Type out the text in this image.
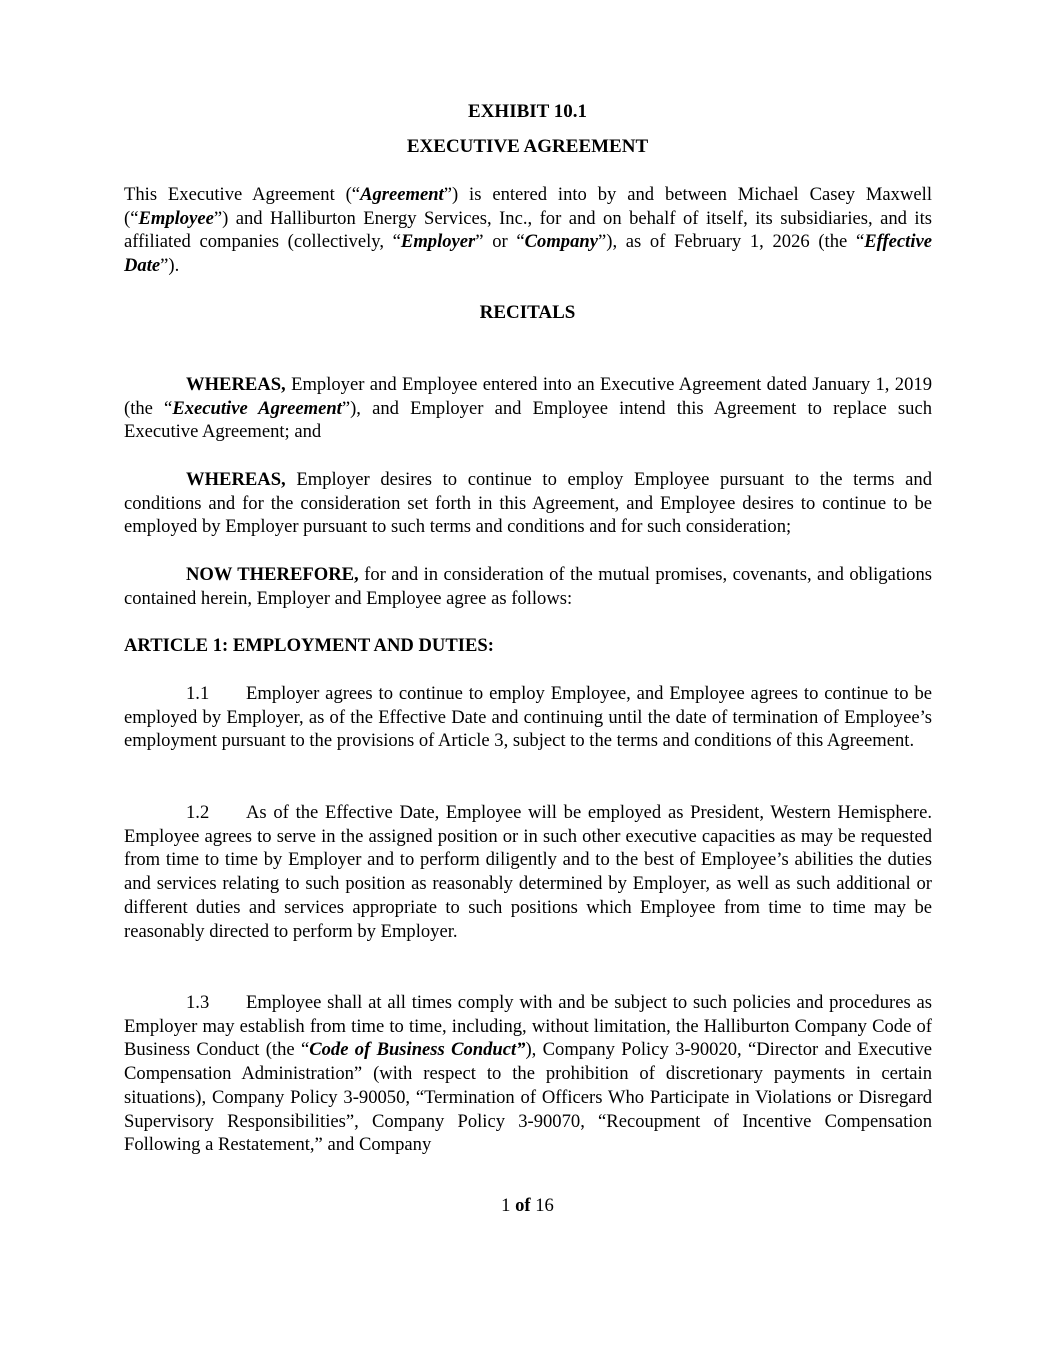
EXHIBIT 10.1
EXECUTIVE AGREEMENT

This Executive Agreement (“Agreement”) is entered into by and between Michael Casey Maxwell (“Employee”) and Halliburton Energy Services, Inc., for and on behalf of itself, its subsidiaries, and its affiliated companies (collectively, “Employer” or “Company”), as of February 1, 2026 (the “Effective Date”).

RECITALS

WHEREAS, Employer and Employee entered into an Executive Agreement dated January 1, 2019 (the “Executive Agreement”), and Employer and Employee intend this Agreement to replace such Executive Agreement; and

WHEREAS, Employer desires to continue to employ Employee pursuant to the terms and conditions and for the consideration set forth in this Agreement, and Employee desires to continue to be employed by Employer pursuant to such terms and conditions and for such consideration;

NOW THEREFORE, for and in consideration of the mutual promises, covenants, and obligations contained herein, Employer and Employee agree as follows:

ARTICLE 1: EMPLOYMENT AND DUTIES:

1.1 Employer agrees to continue to employ Employee, and Employee agrees to continue to be employed by Employer, as of the Effective Date and continuing until the date of termination of Employee’s employment pursuant to the provisions of Article 3, subject to the terms and conditions of this Agreement.

1.2 As of the Effective Date, Employee will be employed as President, Western Hemisphere. Employee agrees to serve in the assigned position or in such other executive capacities as may be requested from time to time by Employer and to perform diligently and to the best of Employee’s abilities the duties and services relating to such position as reasonably determined by Employer, as well as such additional or different duties and services appropriate to such positions which Employee from time to time may be reasonably directed to perform by Employer.

1.3 Employee shall at all times comply with and be subject to such policies and procedures as Employer may establish from time to time, including, without limitation, the Halliburton Company Code of Business Conduct (the “Code of Business Conduct”), Company Policy 3-90020, “Director and Executive Compensation Administration” (with respect to the prohibition of discretionary payments in certain situations), Company Policy 3-90050, “Termination of Officers Who Participate in Violations or Disregard Supervisory Responsibilities”, Company Policy 3-90070, “Recoupment of Incentive Compensation Following a Restatement,” and Company

1 of 16
